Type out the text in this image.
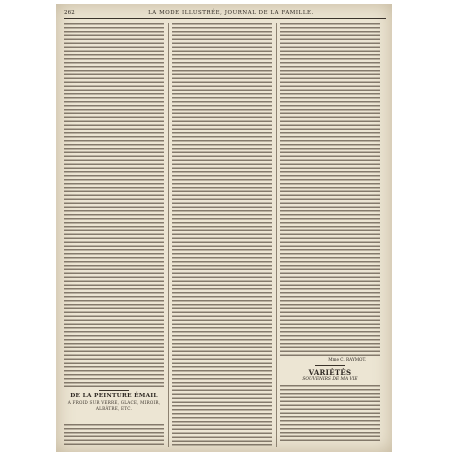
262	LA MODE ILLUSTRÉE, JOURNAL DE LA FAMILLE.
DE LA PEINTURE ÉMAIL
A FROID SUR VERRE, GLACE, MIROIR, ALBÂTRE, ETC.
Mme C. RAYMOT.
VARIÉTÉS
SOUVENIRS DE MA VIE
